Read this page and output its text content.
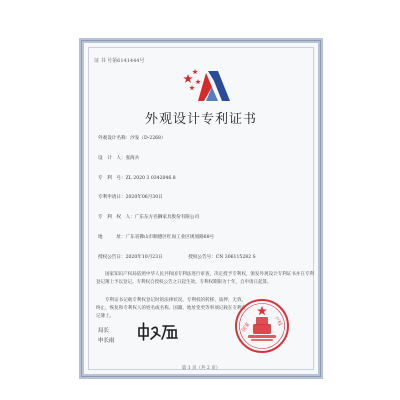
证 书 号第6141444号
外观设计专利证书
外观设计名称：沙发（D-2268）
设　计　人：张海兵
专　利　号：ZL 2020 3 0342046.8
专利申请日：2020年06月30日
专　利　权　人：广东东方名狮家具股份有限公司
地　　　址：广东省佛山市顺德区红岗工业区规划路68号
授权公告日：2020年10月23日	授权公告号：CN 306115282 S

国家知识产权局依照中华人民共和国专利法进行审查，决定授予专利权，颁发外观设计专利证书并在专利登记簿上予以登记。专利权自授权公告之日起生效。专利权期限为十年，自申请日起算。

专利证书记载专利权登记时的法律状况。专利权的转移、质押、无效、终止、恢复和专利权人的姓名或名称、国籍、地址变更等事项记载在专利登记簿上。

局长
申长雨
国家	产权
第 1 页（共 2 页）
